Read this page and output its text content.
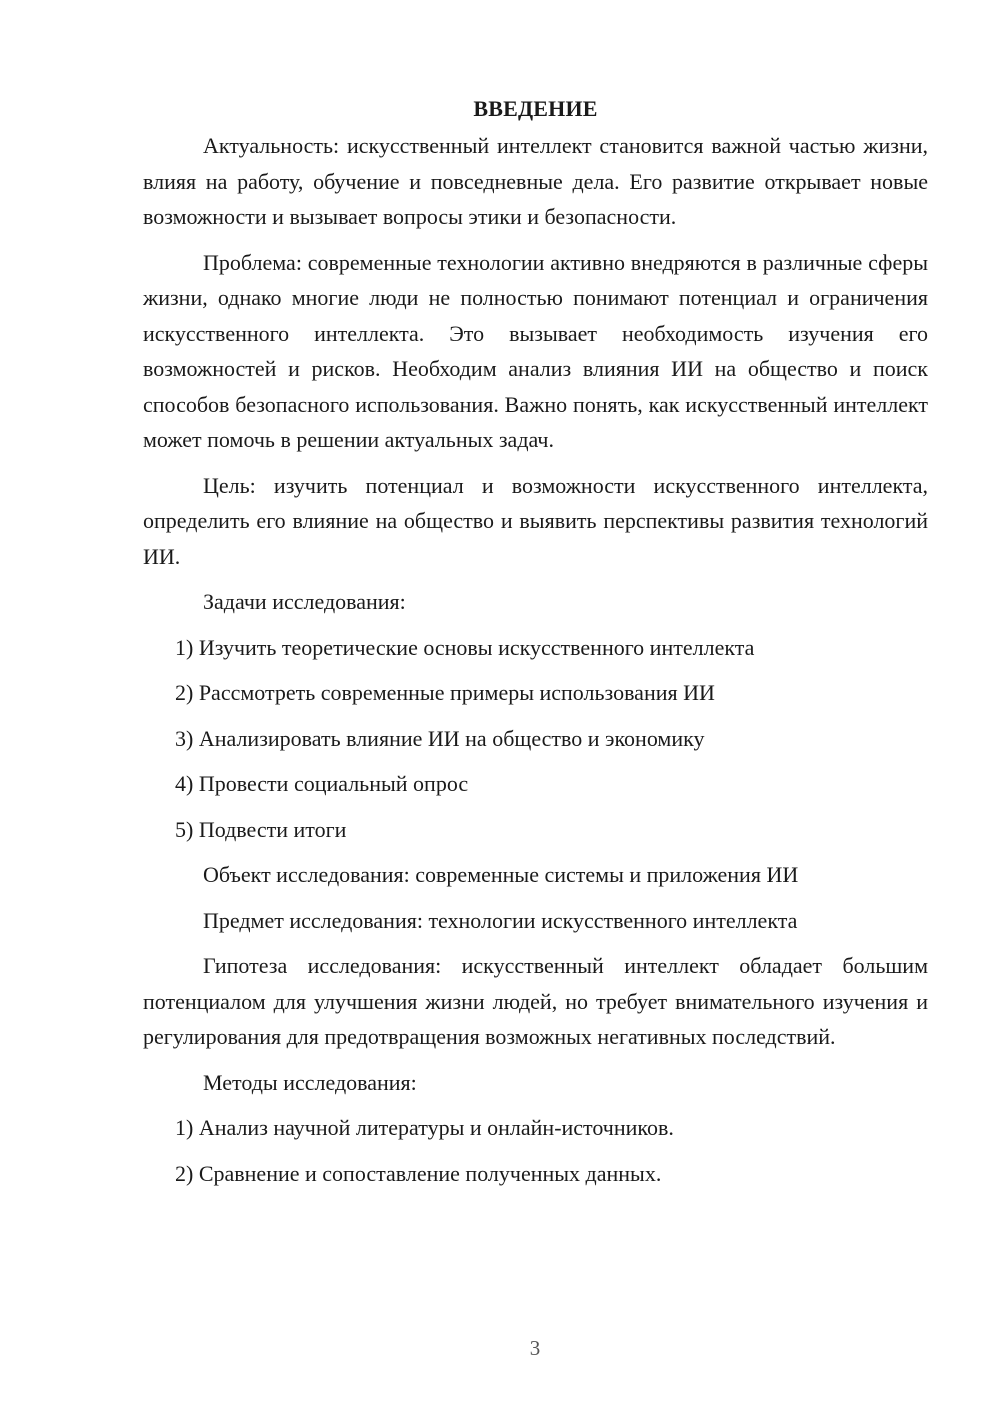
ВВЕДЕНИЕ

Актуальность: искусственный интеллект становится важной частью жизни, влияя на работу, обучение и повседневные дела. Его развитие открывает новые возможности и вызывает вопросы этики и безопасности.

Проблема: современные технологии активно внедряются в различные сферы жизни, однако многие люди не полностью понимают потенциал и ограничения искусственного интеллекта. Это вызывает необходимость изучения его возможностей и рисков. Необходим анализ влияния ИИ на общество и поиск способов безопасного использования. Важно понять, как искусственный интеллект может помочь в решении актуальных задач.

Цель: изучить потенциал и возможности искусственного интеллекта, определить его влияние на общество и выявить перспективы развития технологий ИИ.

Задачи исследования:
1) Изучить теоретические основы искусственного интеллекта
2) Рассмотреть современные примеры использования ИИ
3) Анализировать влияние ИИ на общество и экономику
4) Провести социальный опрос
5) Подвести итоги
Объект исследования: современные системы и приложения ИИ
Предмет исследования: технологии искусственного интеллекта

Гипотеза исследования: искусственный интеллект обладает большим потенциалом для улучшения жизни людей, но требует внимательного изучения и регулирования для предотвращения возможных негативных последствий.

Методы исследования:
1) Анализ научной литературы и онлайн-источников.
2) Сравнение и сопоставление полученных данных.
3
